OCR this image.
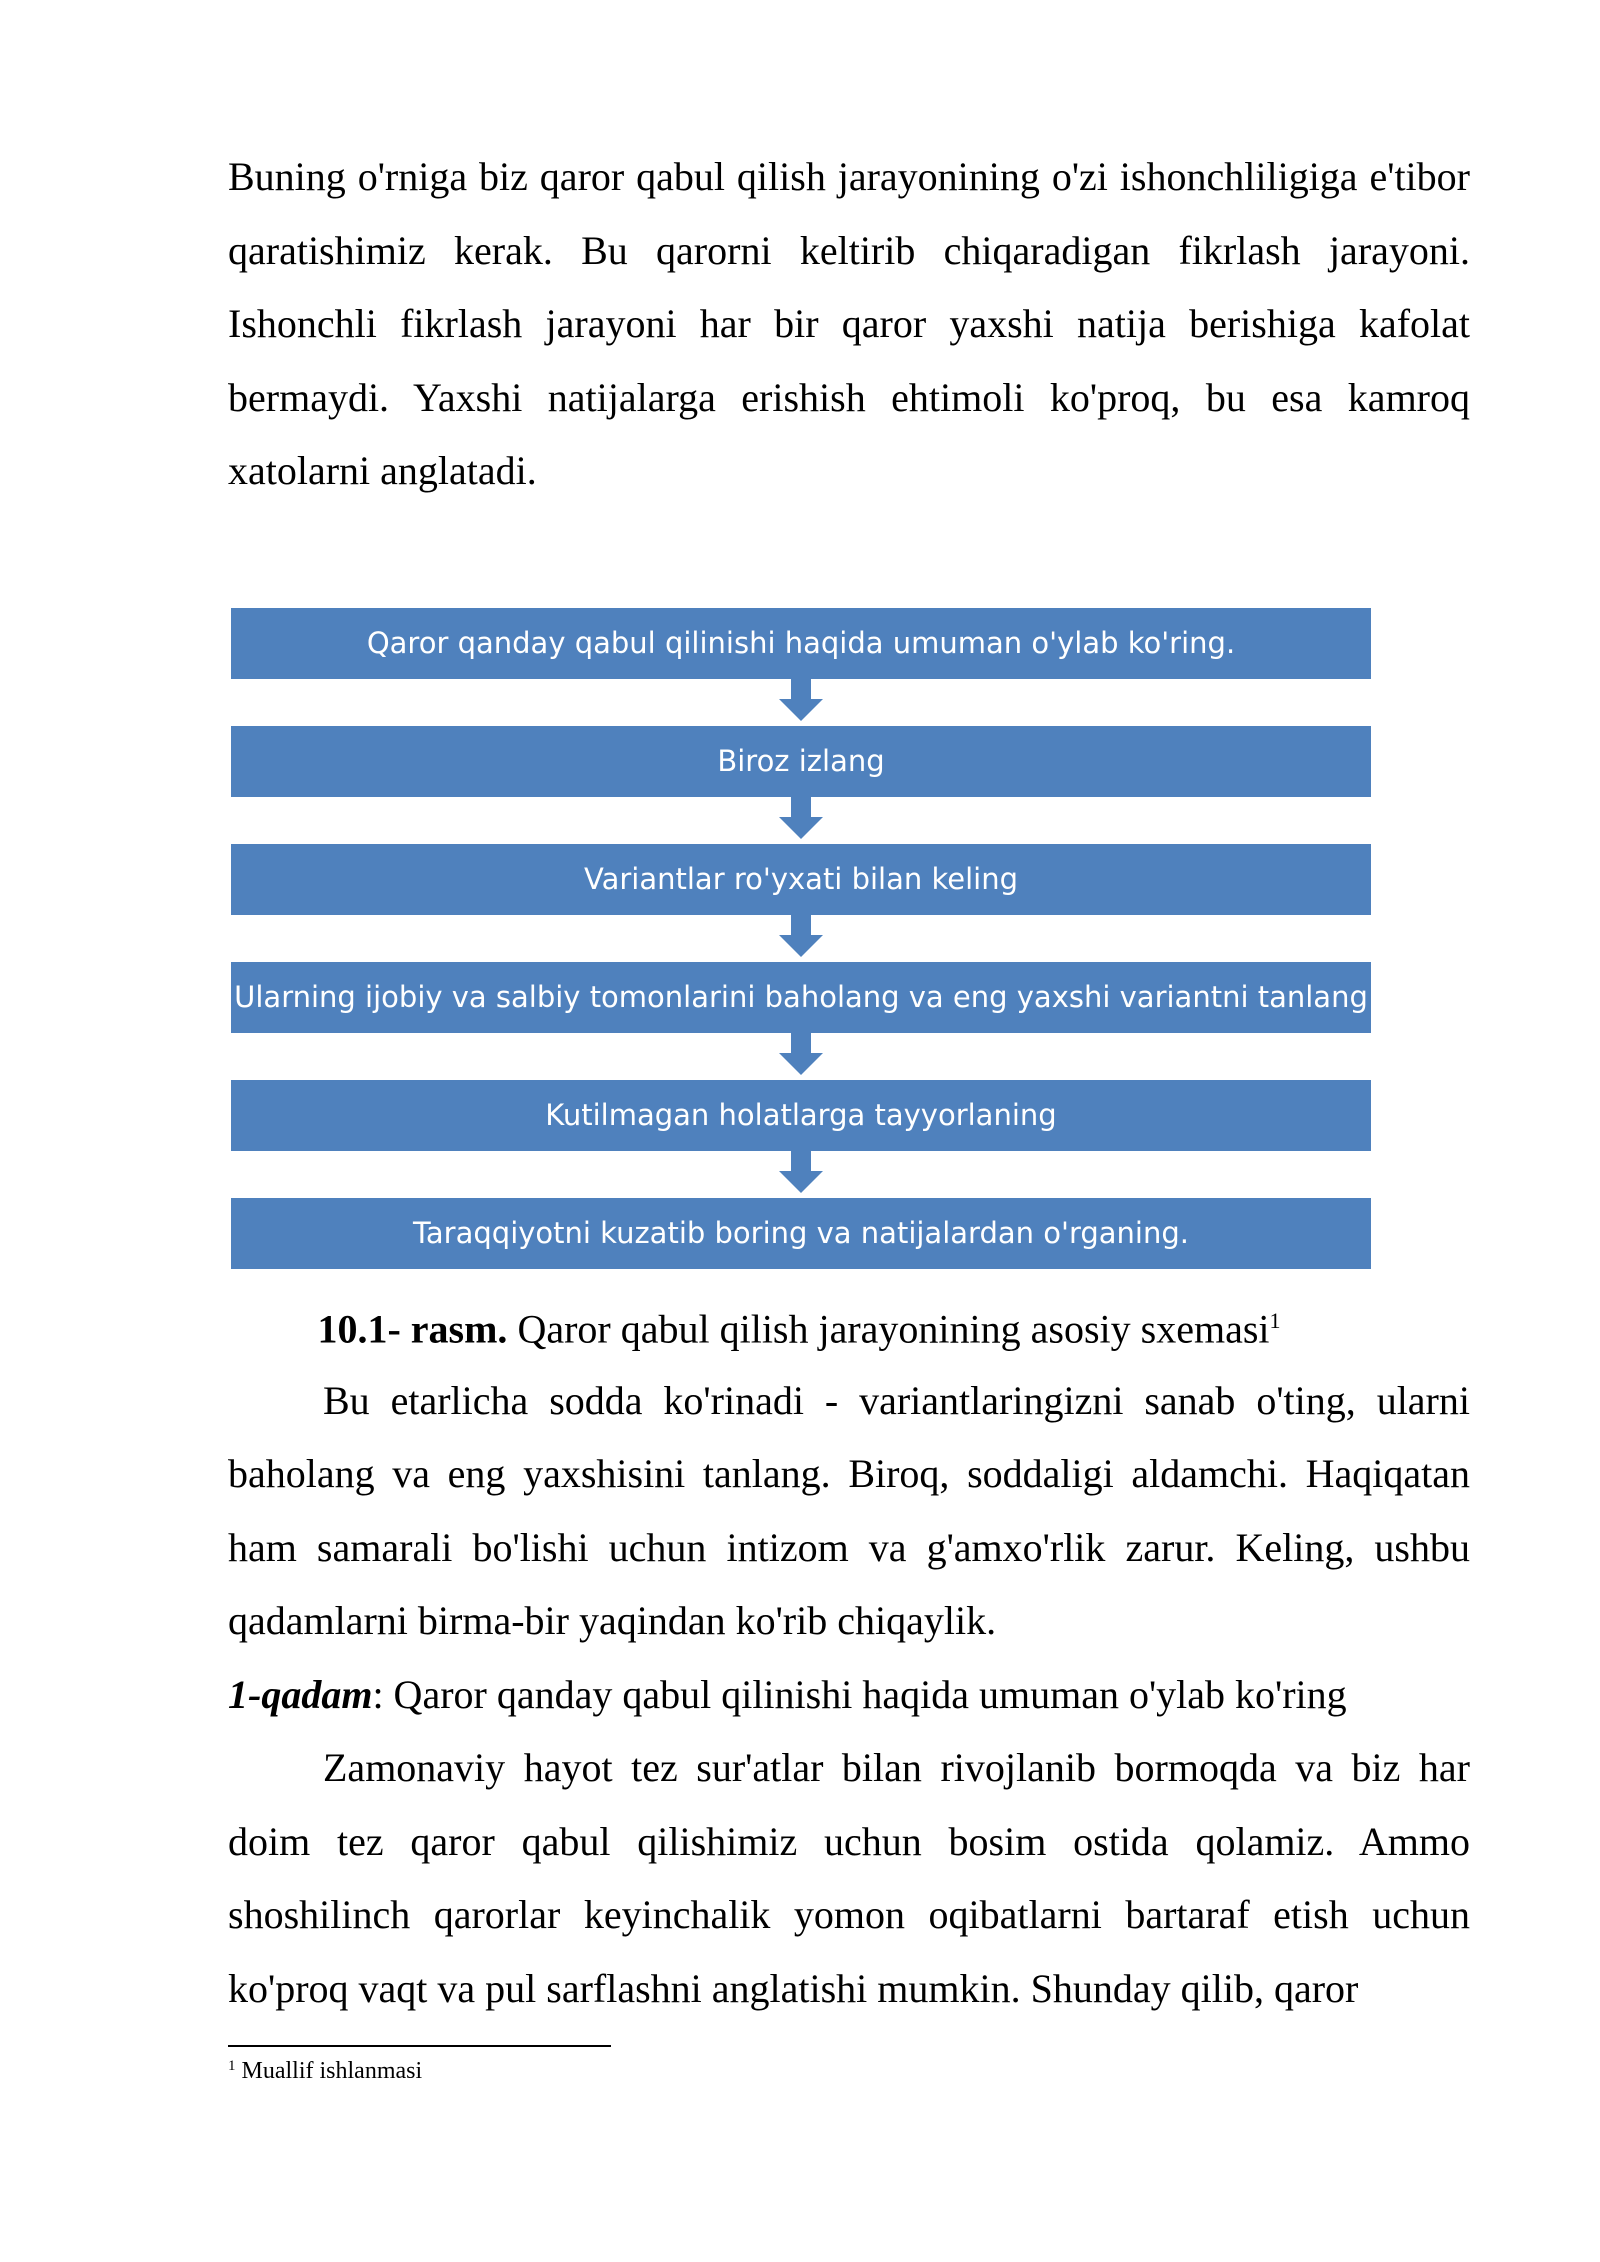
Buning o'rniga biz qaror qabul qilish jarayonining o'zi ishonchliligiga e'tibor qaratishimiz kerak. Bu qarorni keltirib chiqaradigan fikrlash jarayoni. Ishonchli fikrlash jarayoni har bir qaror yaxshi natija berishiga kafolat bermaydi. Yaxshi natijalarga erishish ehtimoli ko'proq, bu esa kamroq xatolarni anglatadi.

Qaror qanday qabul qilinishi haqida umuman o'ylab ko'ring.
Biroz izlang
Variantlar ro'yxati bilan keling
Ularning ijobiy va salbiy tomonlarini baholang va eng yaxshi variantni tanlang
Kutilmagan holatlarga tayyorlaning
Taraqqiyotni kuzatib boring va natijalardan o'rganing.
10.1- rasm. Qaror qabul qilish jarayonining asosiy sxemasi$^1$

Bu etarlicha sodda ko'rinadi - variantlaringizni sanab o'ting, ularni baholang va eng yaxshisini tanlang. Biroq, soddaligi aldamchi. Haqiqatan ham samarali bo'lishi uchun intizom va g'amxo'rlik zarur. Keling, ushbu qadamlarni birma-bir yaqindan ko'rib chiqaylik.

1-qadam: Qaror qanday qabul qilinishi haqida umuman o'ylab ko'ring

Zamonaviy hayot tez sur'atlar bilan rivojlanib bormoqda va biz har doim tez qaror qabul qilishimiz uchun bosim ostida qolamiz. Ammo shoshilinch qarorlar keyinchalik yomon oqibatlarni bartaraf etish uchun ko'proq vaqt va pul sarflashni anglatishi mumkin. Shunday qilib, qaror

$^1$ Muallif ishlanmasi
